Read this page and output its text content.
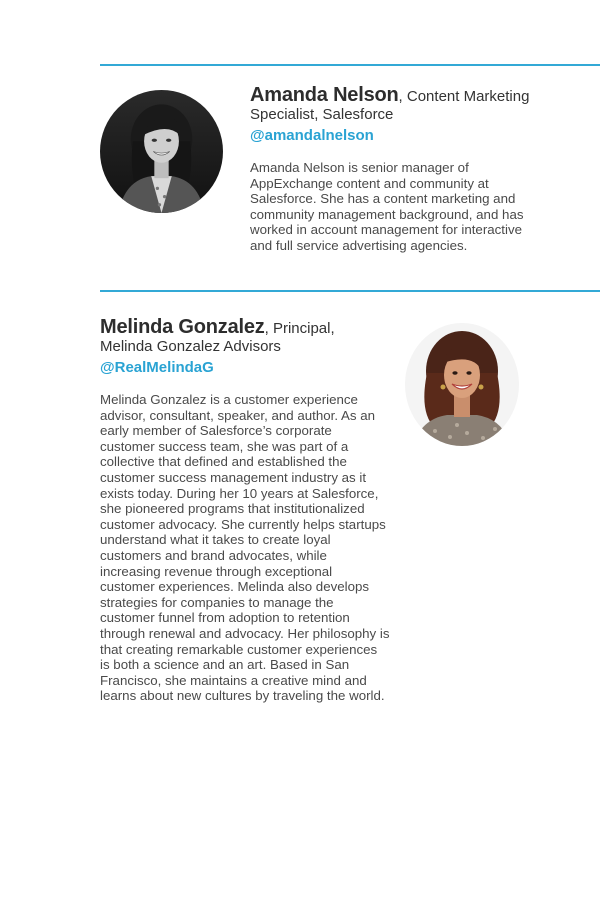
Amanda Nelson, Content Marketing Specialist, Salesforce

@amandalnelson

Amanda Nelson is senior manager of AppExchange content and community at Salesforce. She has a content marketing and community management background, and has worked in account management for interactive and full service advertising agencies.

Melinda Gonzalez, Principal, Melinda Gonzalez Advisors

@RealMelindaG

Melinda Gonzalez is a customer experience advisor, consultant, speaker, and author. As an early member of Salesforce’s corporate customer success team, she was part of a collective that defined and established the customer success management industry as it exists today. During her 10 years at Salesforce, she pioneered programs that institutionalized customer advocacy. She currently helps startups understand what it takes to create loyal customers and brand advocates, while increasing revenue through exceptional customer experiences. Melinda also develops strategies for companies to manage the customer funnel from adoption to retention through renewal and advocacy. Her philosophy is that creating remarkable customer experiences is both a science and an art. Based in San Francisco, she maintains a creative mind and learns about new cultures by traveling the world.
